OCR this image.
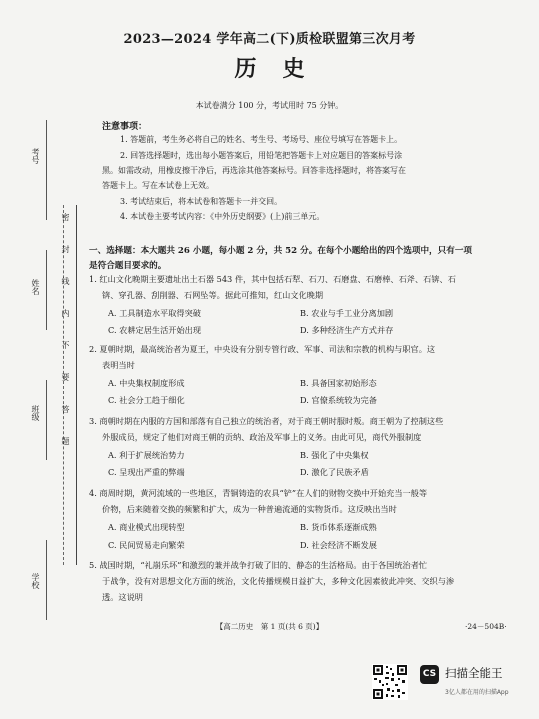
考号
姓名
班级
学校
密
封
线
内
不
要
答
题
2023—2024 学年高二(下)质检联盟第三次月考
历史
本试卷满分 100 分，考试用时 75 分钟。
注意事项：
1. 答题前，考生务必将自己的姓名、考生号、考场号、座位号填写在答题卡上。
2. 回答选择题时，选出每小题答案后，用铅笔把答题卡上对应题目的答案标号涂
黑。如需改动，用橡皮擦干净后，再选涂其他答案标号。回答非选择题时，将答案写在
答题卡上。写在本试卷上无效。
3. 考试结束后，将本试卷和答题卡一并交回。
4. 本试卷主要考试内容：《中外历史纲要》(上)前三单元。
一、选择题：本大题共 26 小题，每小题 2 分，共 52 分。在每个小题给出的四个选项中，只有一项
是符合题目要求的。
1. 红山文化晚期主要遗址出土石器 543 件，其中包括石犁、石刀、石磨盘、石磨棒、石斧、石锛、石
锛、穿孔器、刮削器、石网坠等。据此可推知，红山文化晚期
A. 工具制造水平取得突破	B. 农业与手工业分离加剧
C. 农耕定居生活开始出现	D. 多种经济生产方式并存
2. 夏朝时期，最高统治者为夏王，中央设有分别专管行政、军事、司法和宗教的机构与职官。这
表明当时
A. 中央集权制度形成	B. 具备国家初始形态
C. 社会分工趋于细化	D. 官僚系统较为完备
3. 商朝时期在内服的方国和部落有自己独立的统治者，对于商王朝时服时叛。商王朝为了控制这些
外服成员，规定了他们对商王朝的贡纳、政治及军事上的义务。由此可见，商代外服制度
A. 利于扩展统治势力	B. 强化了中央集权
C. 呈现出严重的弊端	D. 激化了民族矛盾
4. 商周时期，黄河流域的一些地区，青铜铸造的农具“铲”在人们的财物交换中开始充当一般等
价物，后来随着交换的频繁和扩大，成为一种普遍流通的实物货币。这反映出当时
A. 商业模式出现转型	B. 货币体系逐渐成熟
C. 民间贸易走向繁荣	D. 社会经济不断发展
5. 战国时期，“礼崩乐坏”和激烈的兼并战争打破了旧的、静态的生活格局。由于各国统治者忙
于战争，没有对思想文化方面的统治，文化传播规模日益扩大，多种文化因素彼此冲突、交织与渗
透。这说明
【高二历史　第 1 页(共 6 页)】	·24－504B·
CS 扫描全能王
3亿人都在用的扫描App
